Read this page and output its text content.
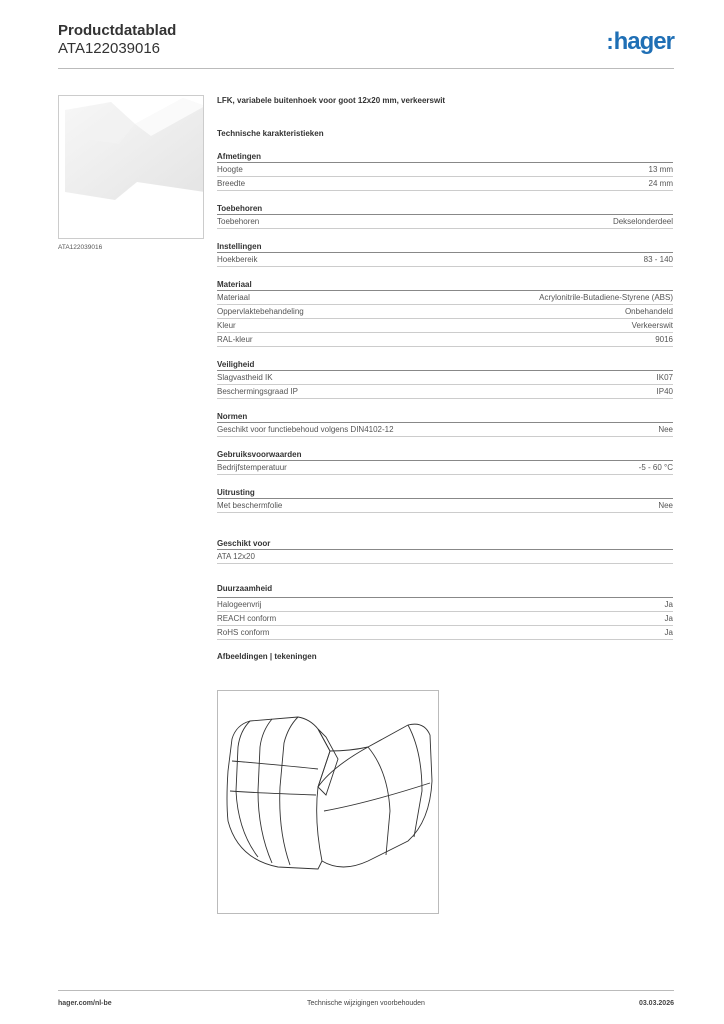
Productdatablad
ATA122039016	:hager
ATA122039016
LFK, variabele buitenhoek voor goot 12x20 mm, verkeerswit
Technische karakteristieken
Afmetingen
Hoogte	13 mm
Breedte	24 mm
Toebehoren
Toebehoren	Dekselonderdeel
Instellingen
Hoekbereik	83 - 140
Materiaal
Materiaal	Acrylonitrile-Butadiene-Styrene (ABS)
Oppervlaktebehandeling	Onbehandeld
Kleur	Verkeerswit
RAL-kleur	9016
Veiligheid
Slagvastheid IK	IK07
Beschermingsgraad IP	IP40
Normen
Geschikt voor functiebehoud volgens DIN4102-12	Nee
Gebruiksvoorwaarden
Bedrijfstemperatuur	-5 - 60 °C
Uitrusting
Met beschermfolie	Nee
Geschikt voor
ATA 12x20
Duurzaamheid
Halogeenvrij	Ja
REACH conform	Ja
RoHS conform	Ja
Afbeeldingen | tekeningen
hager.com/nl-be	Technische wijzigingen voorbehouden	03.03.2026
